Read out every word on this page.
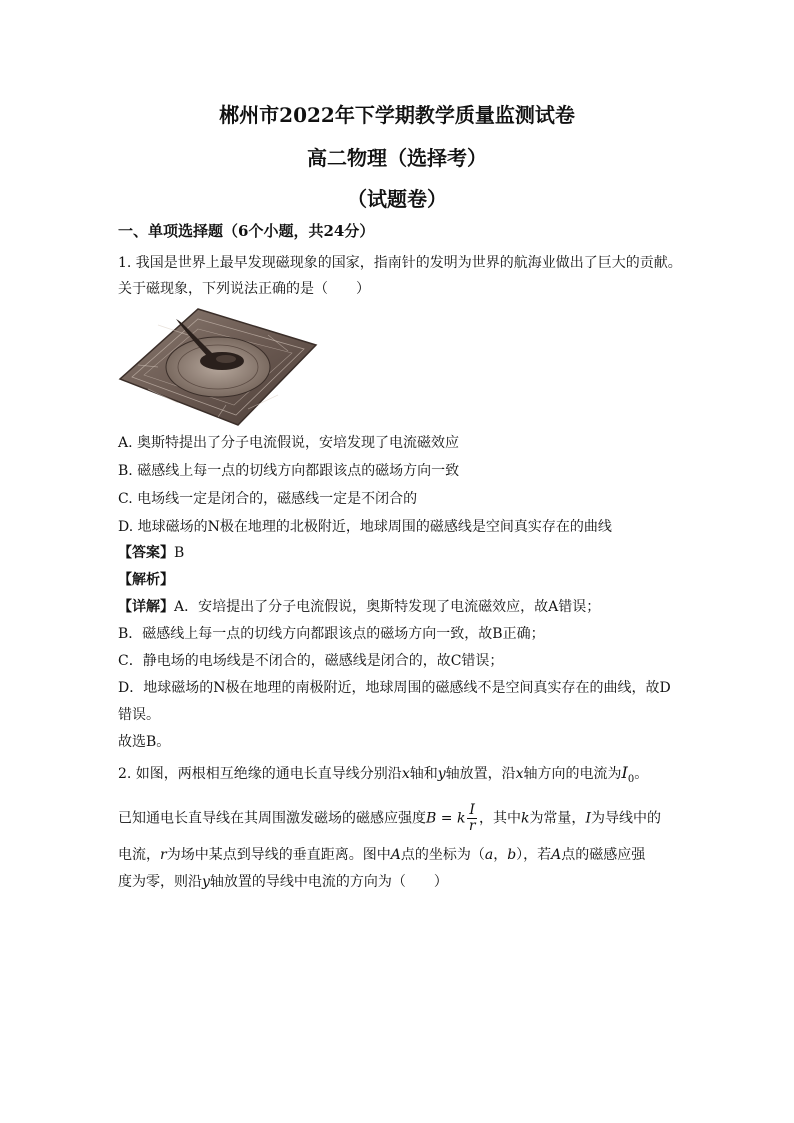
郴州市2022年下学期教学质量监测试卷
高二物理（选择考）
（试题卷）
一、单项选择题（6个小题，共24分）
1. 我国是世界上最早发现磁现象的国家，指南针的发明为世界的航海业做出了巨大的贡献。
关于磁现象，下列说法正确的是（　　）
A. 奥斯特提出了分子电流假说，安培发现了电流磁效应
B. 磁感线上每一点的切线方向都跟该点的磁场方向一致
C. 电场线一定是闭合的，磁感线一定是不闭合的
D. 地球磁场的N极在地理的北极附近，地球周围的磁感线是空间真实存在的曲线
【答案】B
【解析】
【详解】A．安培提出了分子电流假说，奥斯特发现了电流磁效应，故A错误；
B．磁感线上每一点的切线方向都跟该点的磁场方向一致，故B正确；
C．静电场的电场线是不闭合的，磁感线是闭合的，故C错误；
D．地球磁场的N极在地理的南极附近，地球周围的磁感线不是空间真实存在的曲线，故D
错误。
故选B。
2. 如图，两根相互绝缘的通电长直导线分别沿x轴和y轴放置，沿x轴方向的电流为$I_0$。
已知通电长直导线在其周围激发磁场的磁感应强度B = k $\frac{I}{r}$ ，其中k为常量，I为导线中的
电流，r为场中某点到导线的垂直距离。图中A点的坐标为（a，b），若A点的磁感应强
度为零，则沿y轴放置的导线中电流的方向为（　　）
